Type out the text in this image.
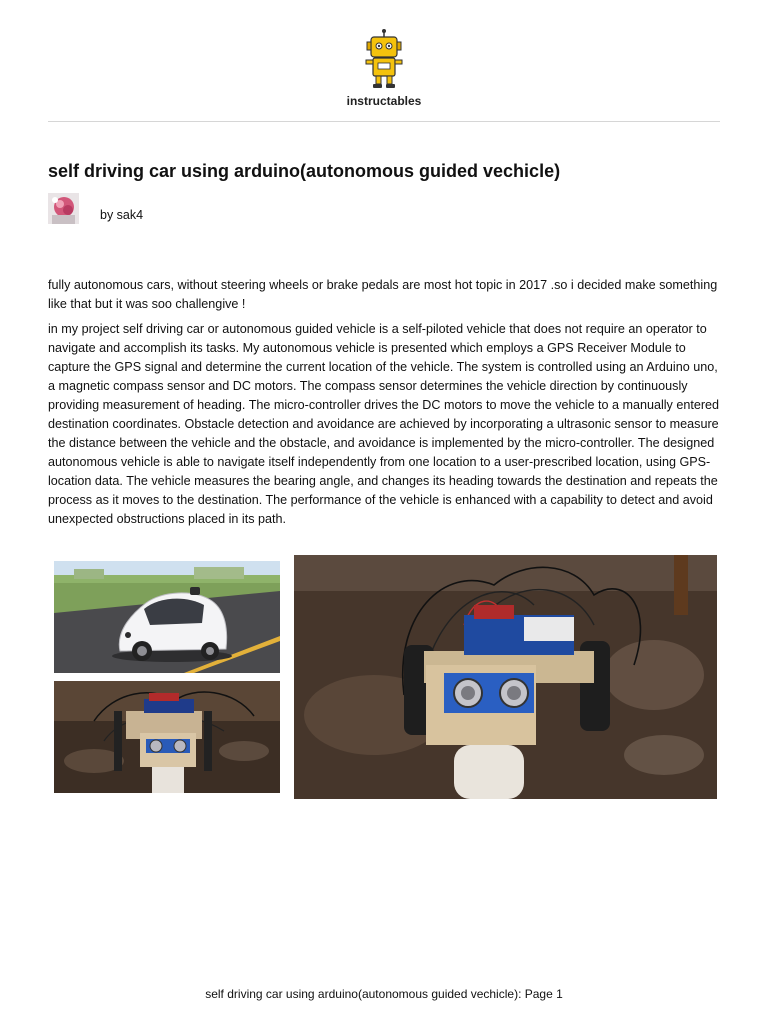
instructables
self driving car using arduino(autonomous guided vechicle)
by sak4

fully autonomous cars, without steering wheels or brake pedals are most hot topic in 2017 .so i decided make something like that but it was soo challengive !

in my project self driving car or autonomous guided vehicle is a self-piloted vehicle that does not require an operator to navigate and accomplish its tasks. My autonomous vehicle is presented which employs a GPS Receiver Module to capture the GPS signal and determine the current location of the vehicle. The system is controlled using an Arduino uno, a magnetic compass sensor and DC motors. The compass sensor determines the vehicle direction by continuously providing measurement of heading. The micro-controller drives the DC motors to move the vehicle to a manually entered destination coordinates. Obstacle detection and avoidance are achieved by incorporating a ultrasonic sensor to measure the distance between the vehicle and the obstacle, and avoidance is implemented by the micro-controller. The designed autonomous vehicle is able to navigate itself independently from one location to a user-prescribed location, using GPS-location data. The vehicle measures the bearing angle, and changes its heading towards the destination and repeats the process as it moves to the destination. The performance of the vehicle is enhanced with a capability to detect and avoid unexpected obstructions placed in its path.

self driving car using arduino(autonomous guided vechicle): Page 1
